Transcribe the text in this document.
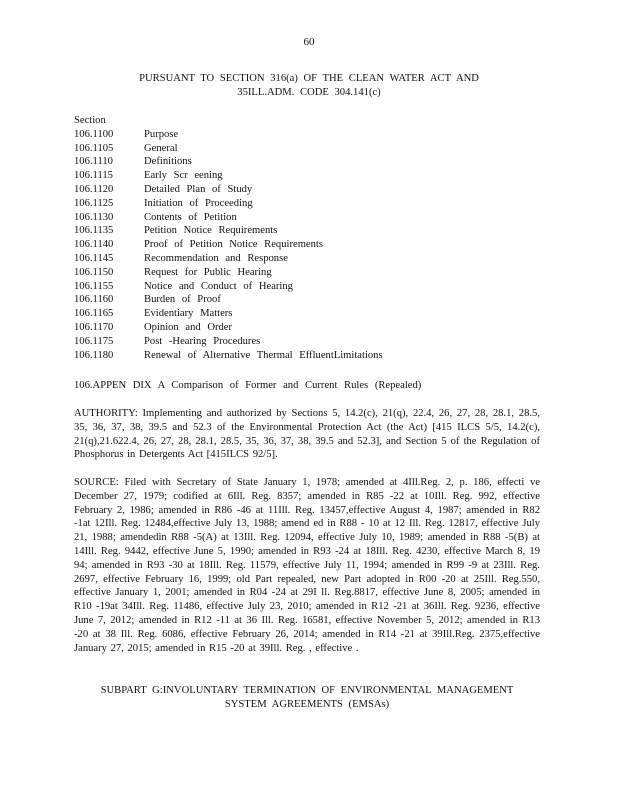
60
PURSUANT TO SECTION 316(a) OF THE CLEAN WATER ACT AND
35ILL.ADM. CODE 304.141(c)
Section
106.1100	Purpose
106.1105	General
106.1110	Definitions
106.1115	Early Scr eening
106.1120	Detailed Plan of Study
106.1125	Initiation of Proceeding
106.1130	Contents of Petition
106.1135	Petition Notice Requirements
106.1140	Proof of Petition Notice Requirements
106.1145	Recommendation and Response
106.1150	Request for Public Hearing
106.1155	Notice and Conduct of Hearing
106.1160	Burden of Proof
106.1165	Evidentiary Matters
106.1170	Opinion and Order
106.1175	Post -Hearing Procedures
106.1180	Renewal of Alternative Thermal EffluentLimitations
106.APPEN DIX A Comparison of Former and Current Rules (Repealed)
AUTHORITY: Implementing and authorized by Sections 5, 14.2(c), 21(q), 22.4, 26, 27, 28, 28.1, 28.5, 35, 36, 37, 38, 39.5 and 52.3 of the Environmental Protection Act (the Act) [415 ILCS 5/5, 14.2(c), 21(q),21.622.4, 26, 27, 28, 28.1, 28.5, 35, 36, 37, 38, 39.5 and 52.3], and Section 5 of the Regulation of Phosphorus in Detergents Act [415ILCS 92/5].
SOURCE: Filed with Secretary of State January 1, 1978; amended at 4Ill.Reg. 2, p. 186, effecti ve December 27, 1979; codified at 6Ill. Reg. 8357; amended in R85 -22 at 10Ill. Reg. 992, effective February 2, 1986; amended in R86 -46 at 11Ill. Reg. 13457,effective August 4, 1987; amended in R82 -1at 12Ill. Reg. 12484,effective July 13, 1988; amend ed in R88 - 10 at 12 Ill. Reg. 12817, effective July 21, 1988; amendedin R88 -5(A) at 13Ill. Reg. 12094, effective July 10, 1989; amended in R88 -5(B) at 14Ill. Reg. 9442, effective June 5, 1990; amended in R93 -24 at 18Ill. Reg. 4230, effective March 8, 19 94; amended in R93 -30 at 18Ill. Reg. 11579, effective July 11, 1994; amended in R99 -9 at 23Ill. Reg. 2697, effective February 16, 1999; old Part repealed, new Part adopted in R00 -20 at 25Ill. Reg.550, effective January 1, 2001; amended in R04 -24 at 29I ll. Reg.8817, effective June 8, 2005; amended in R10 -19at 34Ill. Reg. 11486, effective July 23, 2010; amended in R12 -21 at 36Ill. Reg. 9236, effective June 7, 2012; amended in R12 -11 at 36 Ill. Reg. 16581, effective November 5, 2012; amended in R13 -20 at 38 Ill. Reg. 6086, effective February 26, 2014; amended in R14 -21 at 39Ill.Reg. 2375,effective January 27, 2015; amended in R15 -20 at 39Ill. Reg. , effective .
SUBPART G:INVOLUNTARY TERMINATION OF ENVIRONMENTAL MANAGEMENT
SYSTEM AGREEMENTS (EMSAs)
